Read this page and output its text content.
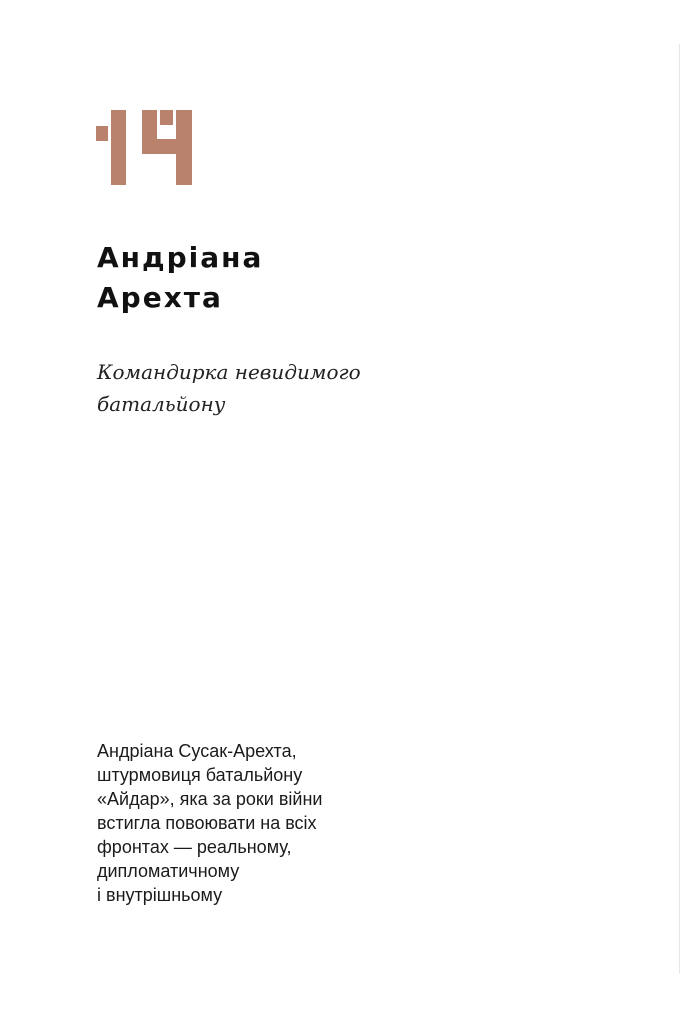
Андріана
Арехта

Командирка невидимого
батальйону

Андріана Сусак-Арехта,
штурмовиця батальйону
«Айдар», яка за роки війни
встигла повоювати на всіх
фронтах — реальному,
дипломатичному
і внутрішньому
